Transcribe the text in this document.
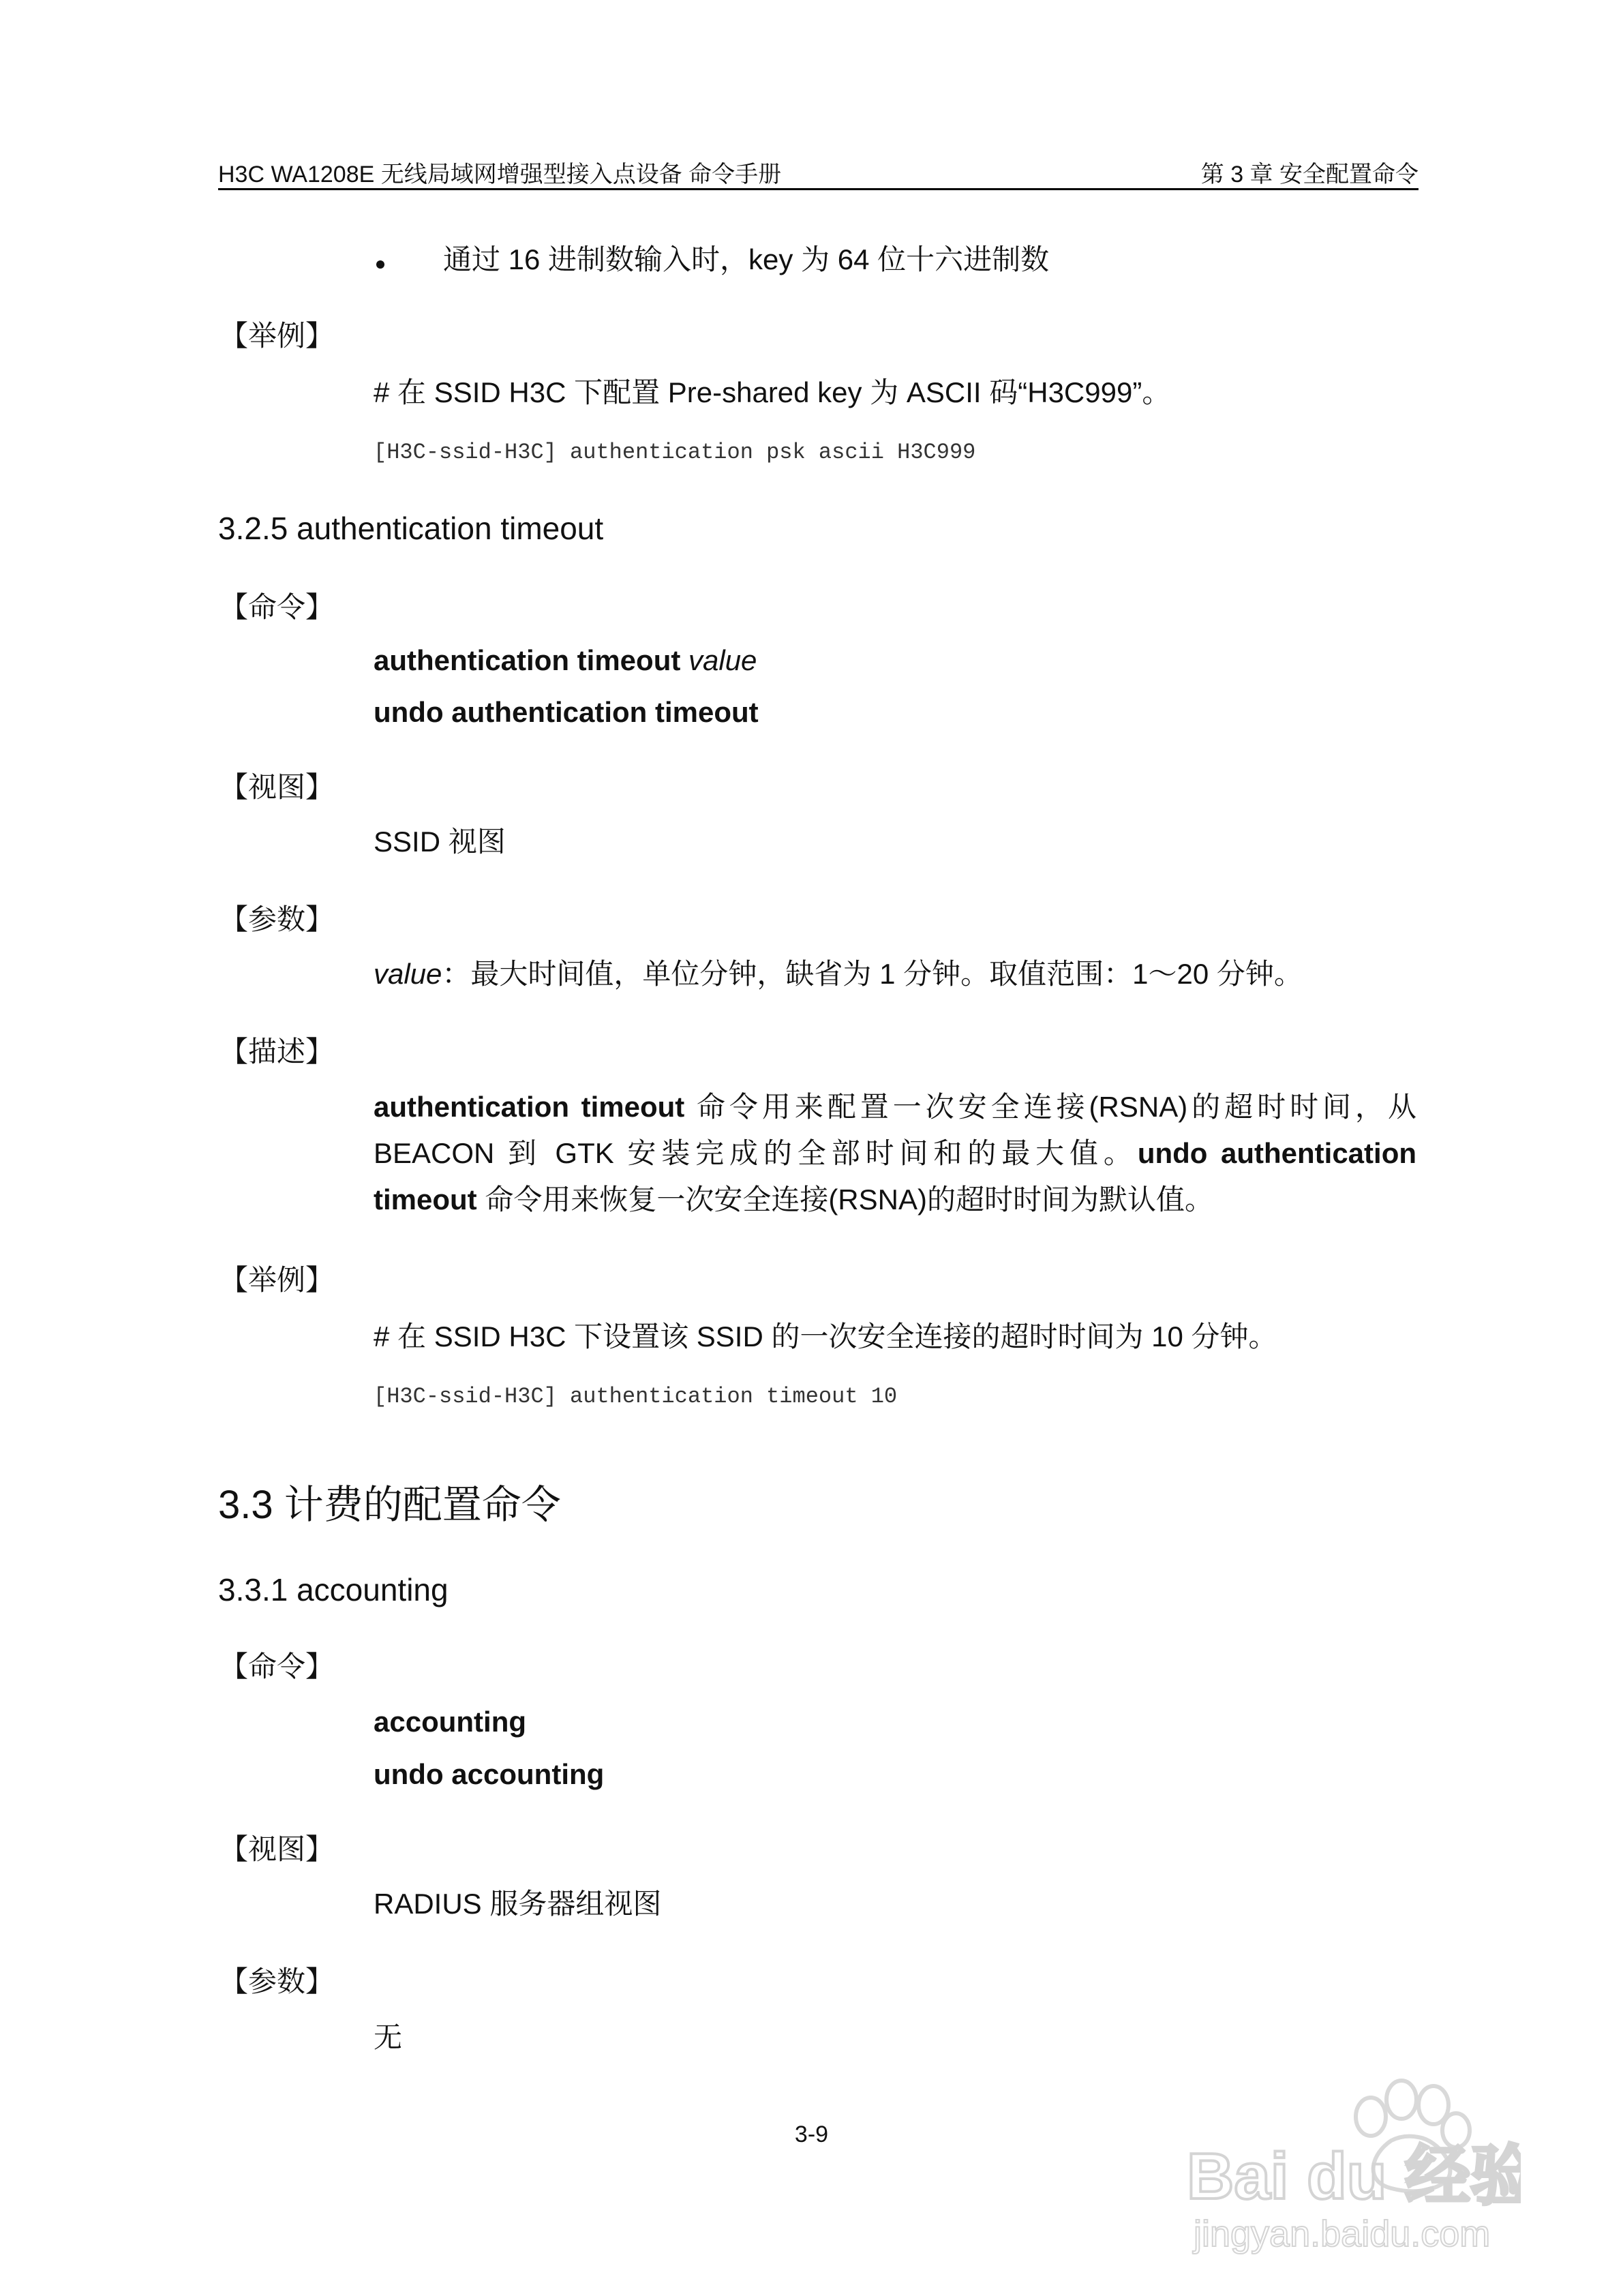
H3C WA1208E 无线局域网增强型接入点设备 命令手册	第 3 章 安全配置命令
通过 16 进制数输入时，key 为 64 位十六进制数
【举例】
# 在 SSID H3C 下配置 Pre-shared key 为 ASCII 码“H3C999”。
[H3C-ssid-H3C] authentication psk ascii H3C999
3.2.5 authentication timeout
【命令】
authentication timeout value
undo authentication timeout
【视图】
SSID 视图
【参数】
value：最大时间值，单位分钟，缺省为 1 分钟。取值范围：1～20 分钟。
【描述】
authentication timeout 命令用来配置一次安全连接(RSNA)的超时时间，从 BEACON 到 GTK 安装完成的全部时间和的最大值。undo authentication timeout 命令用来恢复一次安全连接(RSNA)的超时时间为默认值。
【举例】
# 在 SSID H3C 下设置该 SSID 的一次安全连接的超时时间为 10 分钟。
[H3C-ssid-H3C] authentication timeout 10
3.3 计费的配置命令
3.3.1 accounting
【命令】
accounting
undo accounting
【视图】
RADIUS 服务器组视图
【参数】
无
3-9
Bai du 经验
jingyan.baidu.com
